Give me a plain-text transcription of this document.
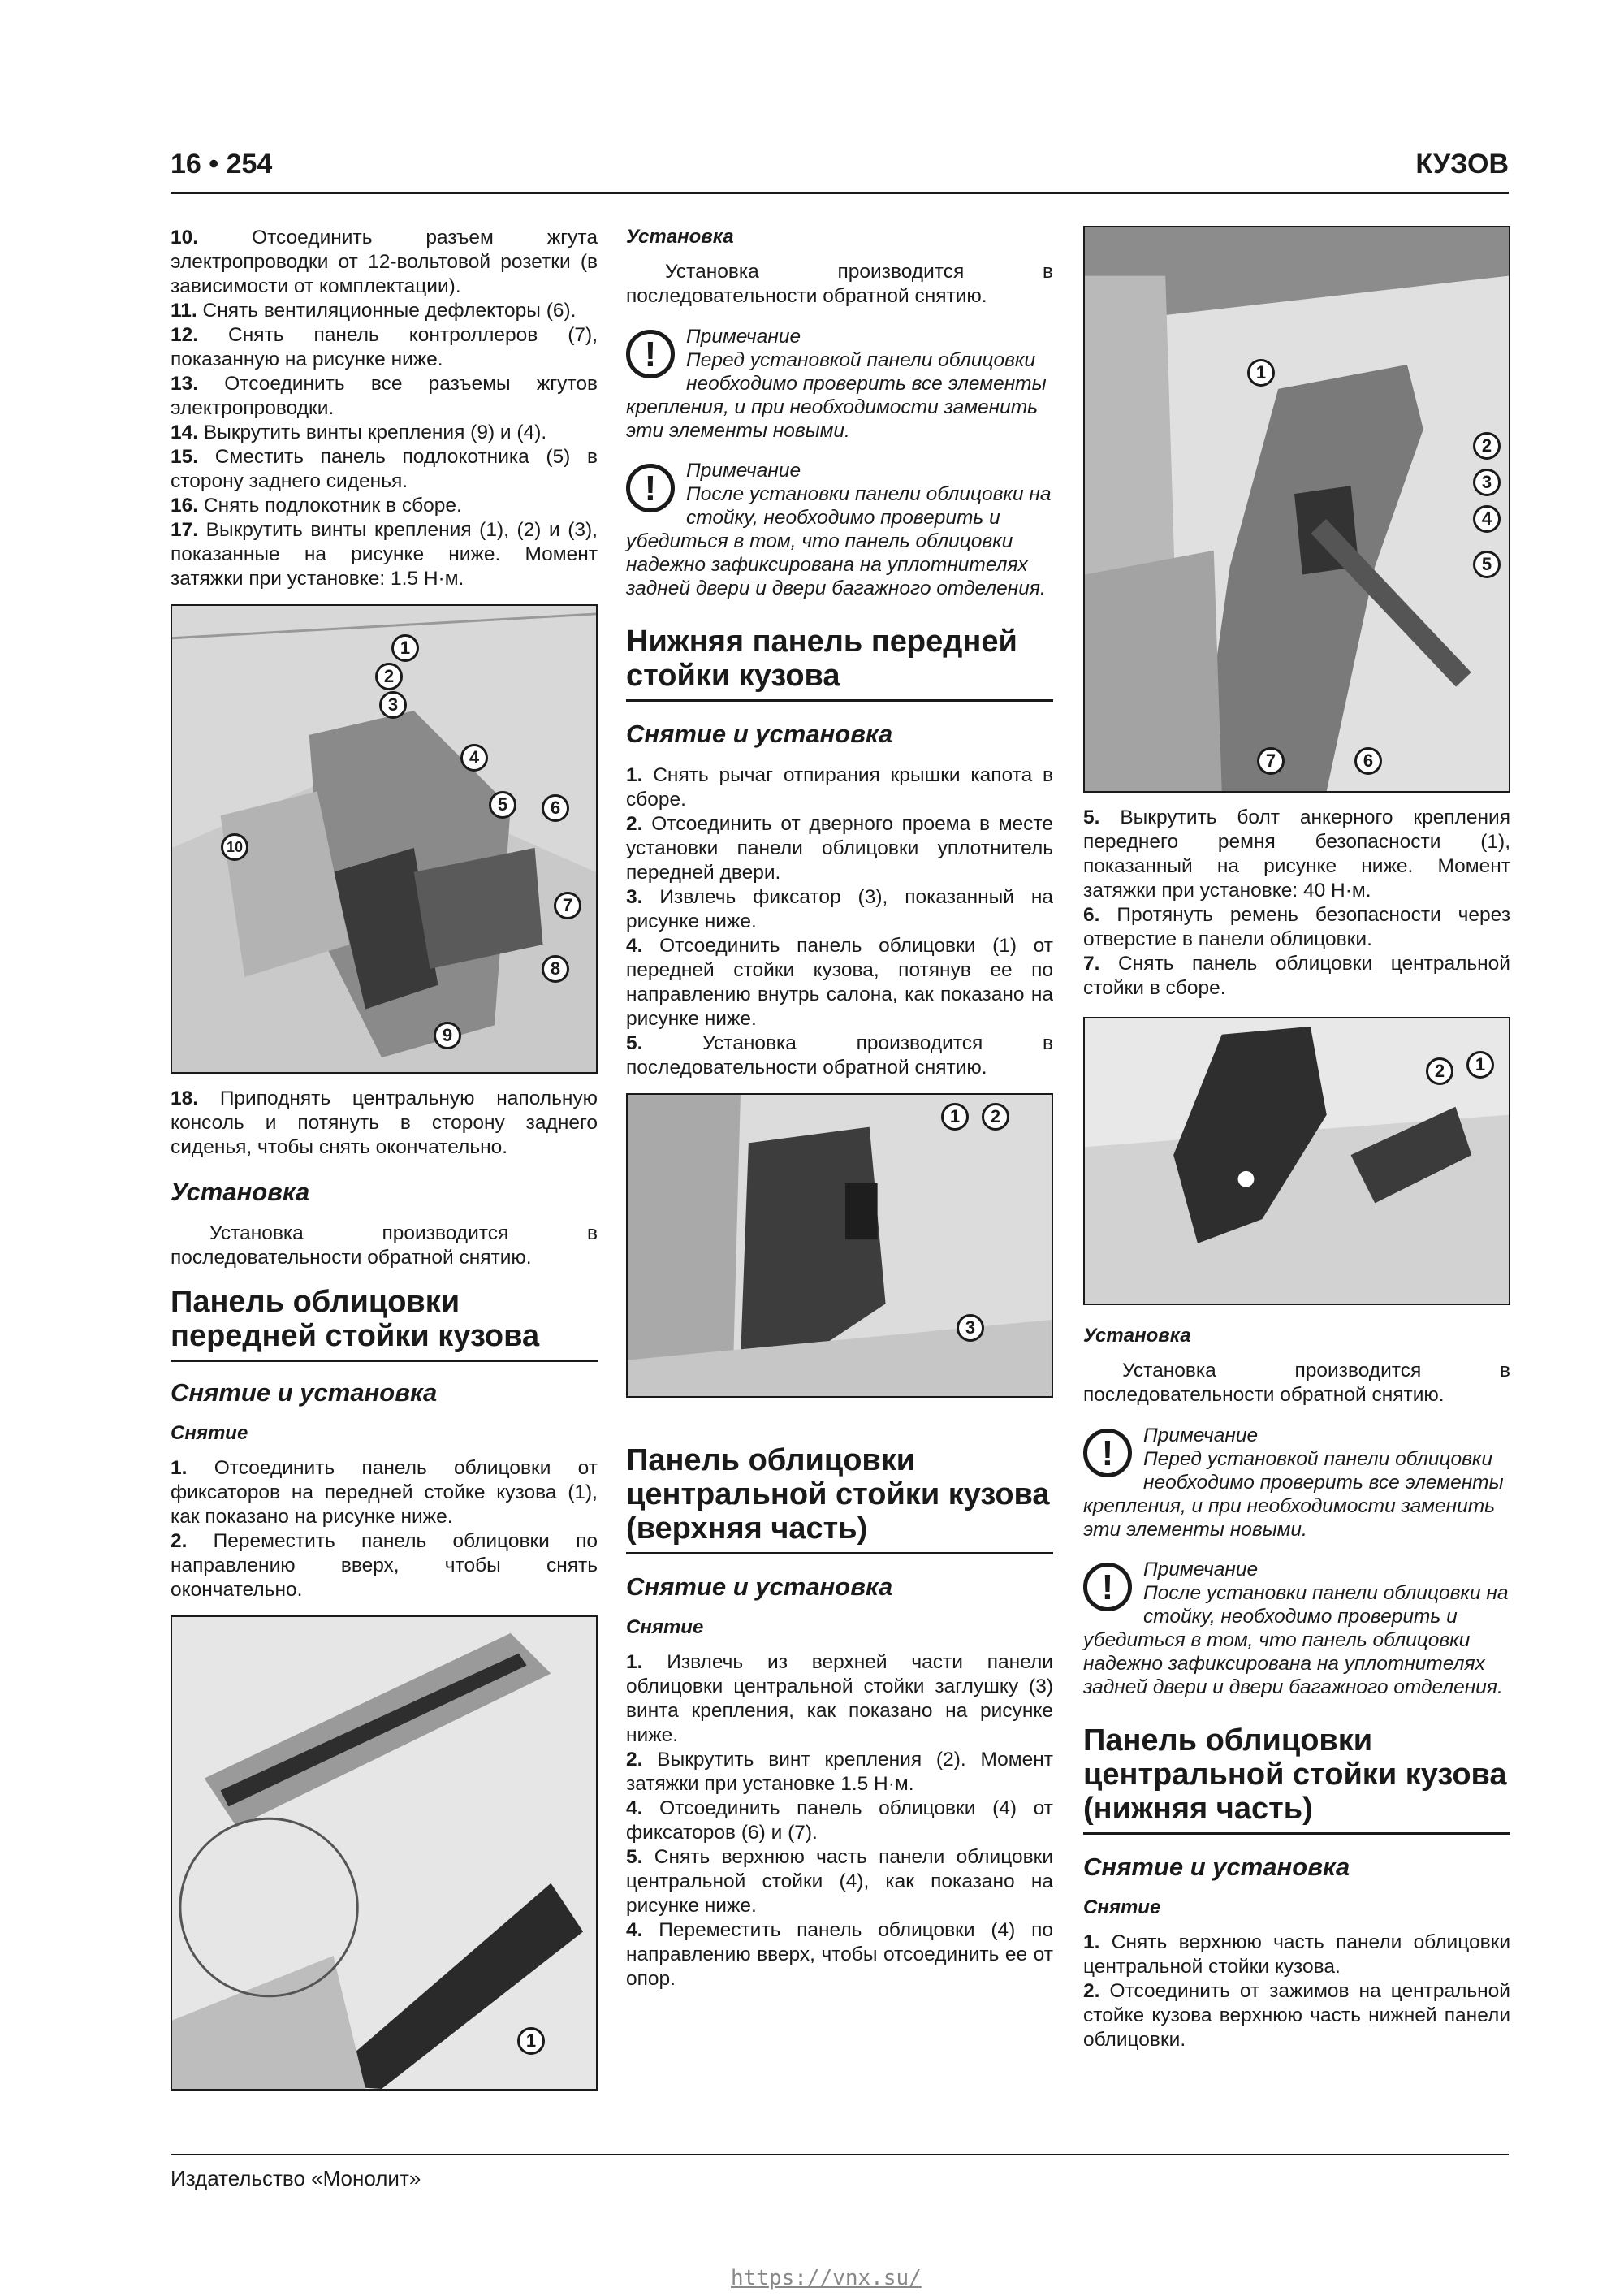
16 • 254	КУЗОВ

10.	Отсоединить разъем жгута электропроводки от 12-вольтовой розетки (в зависимости от комплектации).

11. Снять вентиляционные дефлекторы (6).

12. Снять панель контроллеров (7), показанную на рисунке ниже.

13. Отсоединить все разъемы жгутов электропроводки.

14. Выкрутить винты крепления (9) и (4).

15. Сместить панель подлокотника (5) в сторону заднего сиденья.

16. Снять подлокотник в сборе.

17. Выкрутить винты крепления (1), (2) и (3), показанные на рисунке ниже. Момент затяжки при установке: 1.5 Н·м.

1
2
3
4
5	6
10
7
8
9

18. Приподнять центральную напольную консоль и потянуть в сторону заднего сиденья, чтобы снять окончательно.

Установка

Установка производится в последовательности обратной снятию.

Панель облицовки передней стойки кузова
Снятие и установка
Снятие

1. Отсоединить панель облицовки от фиксаторов на передней стойке кузова (1), как показано на рисунке ниже.

2. Переместить панель облицовки по направлению вверх, чтобы снять окончательно.

1
Установка

Установка производится в последовательности обратной снятию.

!	Примечание
Перед установкой панели облицовки необходимо проверить все элементы крепления, и при необходимости заменить эти элементы новыми.
!	Примечание
После установки панели облицовки на стойку, необходимо проверить и убедиться в том, что панель облицовки надежно зафиксирована на уплотнителях задней двери и двери багажного отделения.
Нижняя панель передней стойки кузова
Снятие и установка

1. Снять рычаг отпирания крышки капота в сборе.

2. Отсоединить от дверного проема в месте установки панели облицовки уплотнитель передней двери.

3. Извлечь фиксатор (3), показанный на рисунке ниже.

4. Отсоединить панель облицовки (1) от передней стойки кузова, потянув ее по направлению внутрь салона, как показано на рисунке ниже.

5.	Установка производится в последовательности обратной снятию.

1	2
3
Панель облицовки центральной стойки кузова (верхняя часть)
Снятие и установка
Снятие

1. Извлечь из верхней части панели облицовки центральной стойки заглушку (3) винта крепления, как показано на рисунке ниже.

2. Выкрутить винт крепления (2). Момент затяжки при установке 1.5 Н·м.

4. Отсоединить панель облицовки (4) от фиксаторов (6) и (7).

5. Снять верхнюю часть панели облицовки центральной стойки (4), как показано на рисунке ниже.

4. Переместить панель облицовки (4) по направлению вверх, чтобы отсоединить ее от опор.

1
2
3
4
5
7	6

5. Выкрутить болт анкерного крепления переднего ремня безопасности (1), показанный на рисунке ниже. Момент затяжки при установке: 40 Н·м.

6. Протянуть ремень безопасности через отверстие в панели облицовки.

7. Снять панель облицовки центральной стойки в сборе.

2	1
Установка

Установка производится в последовательности обратной снятию.

!	Примечание
Перед установкой панели облицовки необходимо проверить все элементы крепления, и при необходимости заменить эти элементы новыми.
!	Примечание
После установки панели облицовки на стойку, необходимо проверить и убедиться в том, что панель облицовки надежно зафиксирована на уплотнителях задней двери и двери багажного отделения.
Панель облицовки центральной стойки кузова (нижняя часть)
Снятие и установка
Снятие

1. Снять верхнюю часть панели облицовки центральной стойки кузова.

2. Отсоединить от зажимов на центральной стойке кузова верхнюю часть нижней панели облицовки.

Издательство «Монолит»
https://vnx.su/
